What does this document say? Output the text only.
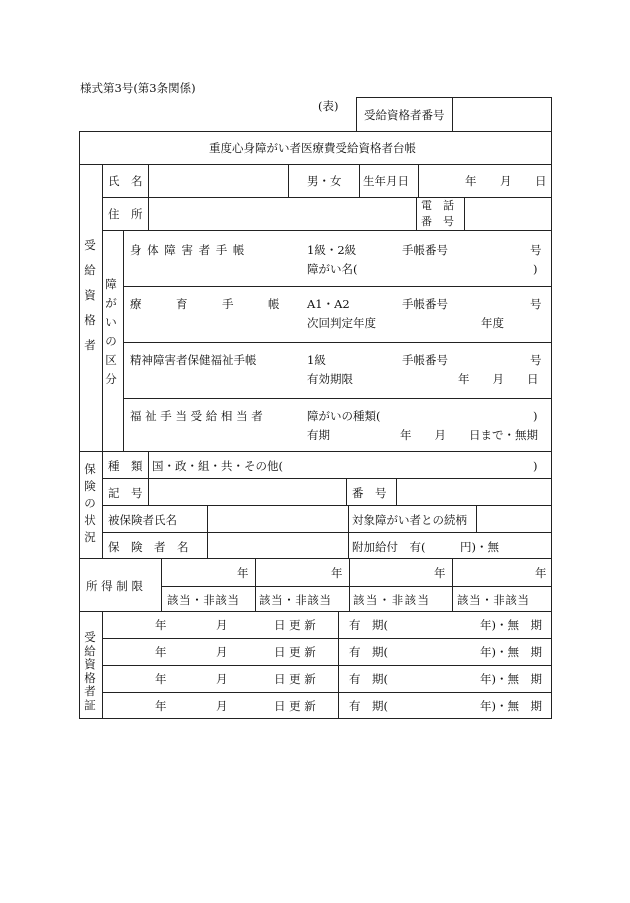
様式第3号(第3条関係)
(表)
受給資格者番号
重度心身障がい者医療費受給資格者台帳
受給資格者
氏　名	男・女 生年月日	年 月 日
住　所
電　話
番　号
障がいの区分
身 体 障 害 者 手 帳	1級・2級	手帳番号	号
障がい名(	)
療　　　育　　　手　　　帳 A1・A2	手帳番号	号
次回判定年度	年度
精神障害者保健福祉手帳	1級	手帳番号	号
有効期限	年　　月　　日
福 祉 手 当 受 給 相 当 者	障がいの種類(	)
有期	年　　月　　日まで・無期
保険の状況
種　類 国・政・組・共・その他(	)
記　号	番　号
被保険者氏名	対象障がい者との続柄
保　険　者　名	附加給付　有(　　　円)・無
所 得 制 限
年	年	年	年
該当・非該当 該当・非該当 該当・非該当 該当・非該当
受給資格者証
年	月	日 更 新	有　期(	年)・無　期
年	月	日 更 新	有　期(	年)・無　期
年	月	日 更 新	有　期(	年)・無　期
年	月	日 更 新	有　期(	年)・無　期
